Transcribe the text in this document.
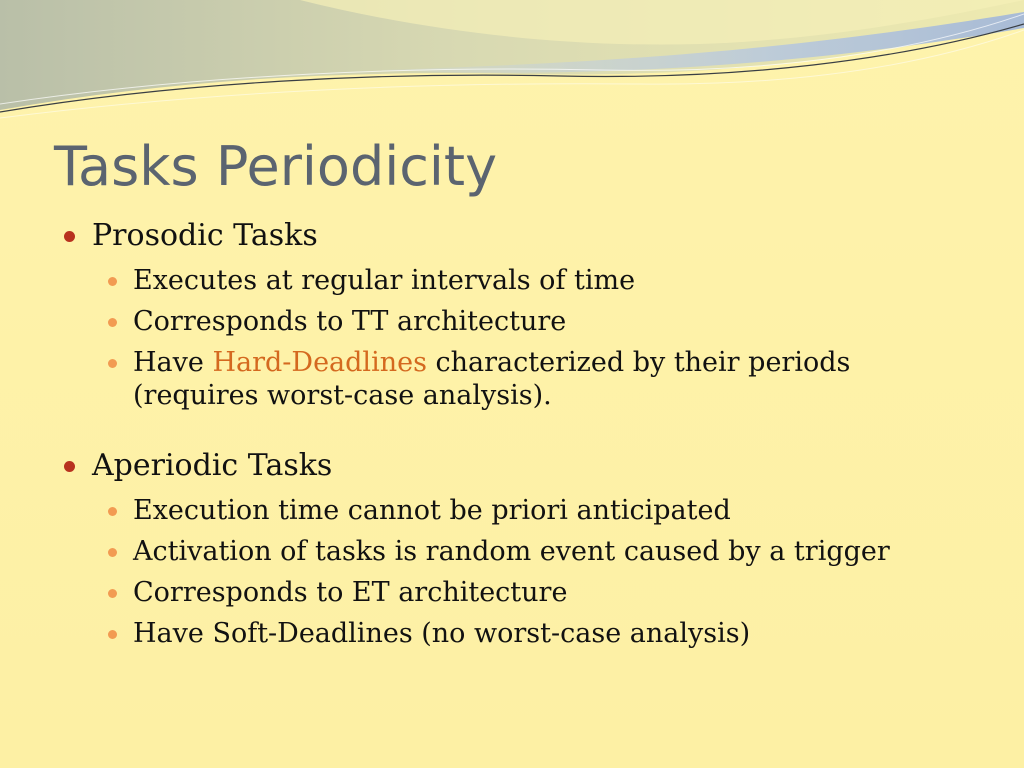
Tasks Periodicity

Prosodic Tasks

Executes at regular intervals of time

Corresponds to TT architecture

Have Hard-Deadlines characterized by their periods
(requires worst-case analysis).

Aperiodic Tasks

Execution time cannot be priori anticipated

Activation of tasks is random event caused by a trigger

Corresponds to ET architecture

Have Soft-Deadlines (no worst-case analysis)
